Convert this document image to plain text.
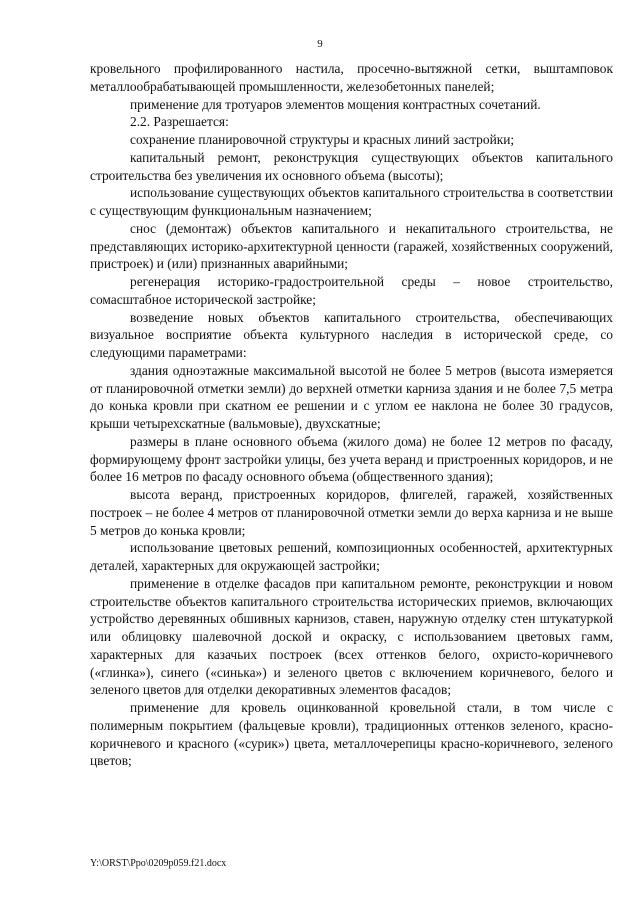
9

кровельного профилированного настила, просечно-вытяжной сетки, выштамповок металлообрабатывающей промышленности, железобетонных панелей;

применение для тротуаров элементов мощения контрастных сочетаний.

2.2. Разрешается:

сохранение планировочной структуры и красных линий застройки;

капитальный ремонт, реконструкция существующих объектов капитального строительства без увеличения их основного объема (высоты);

использование существующих объектов капитального строительства в соответствии с существующим функциональным назначением;

снос (демонтаж) объектов капитального и некапитального строительства, не представляющих историко-архитектурной ценности (гаражей, хозяйственных сооружений, пристроек) и (или) признанных аварийными;

регенерация историко-градостроительной среды – новое строительство, сомасштабное исторической застройке;

возведение новых объектов капитального строительства, обеспечивающих визуальное восприятие объекта культурного наследия в исторической среде, со следующими параметрами:

здания одноэтажные максимальной высотой не более 5 метров (высота измеряется от планировочной отметки земли) до верхней отметки карниза здания и не более 7,5 метра до конька кровли при скатном ее решении и с углом ее наклона не более 30 градусов, крыши четырехскатные (вальмовые), двухскатные;

размеры в плане основного объема (жилого дома) не более 12 метров по фасаду, формирующему фронт застройки улицы, без учета веранд и пристроенных коридоров, и не более 16 метров по фасаду основного объема (общественного здания);

высота веранд, пристроенных коридоров, флигелей, гаражей, хозяйственных построек – не более 4 метров от планировочной отметки земли до верха карниза и не выше 5 метров до конька кровли;

использование цветовых решений, композиционных особенностей, архитектурных деталей, характерных для окружающей застройки;

применение в отделке фасадов при капитальном ремонте, реконструкции и новом строительстве объектов капитального строительства исторических приемов, включающих устройство деревянных обшивных карнизов, ставен, наружную отделку стен штукатуркой или облицовку шалевочной доской и окраску, с использованием цветовых гамм, характерных для казачьих построек (всех оттенков белого, охристо-коричневого («глинка»), синего («синька») и зеленого цветов с включением коричневого, белого и зеленого цветов для отделки декоративных элементов фасадов;

применение для кровель оцинкованной кровельной стали, в том числе с полимерным покрытием (фальцевые кровли), традиционных оттенков зеленого, красно-коричневого и красного («сурик») цвета, металлочерепицы красно-коричневого, зеленого цветов;

Y:\ORST\Ppo\0209p059.f21.docx
